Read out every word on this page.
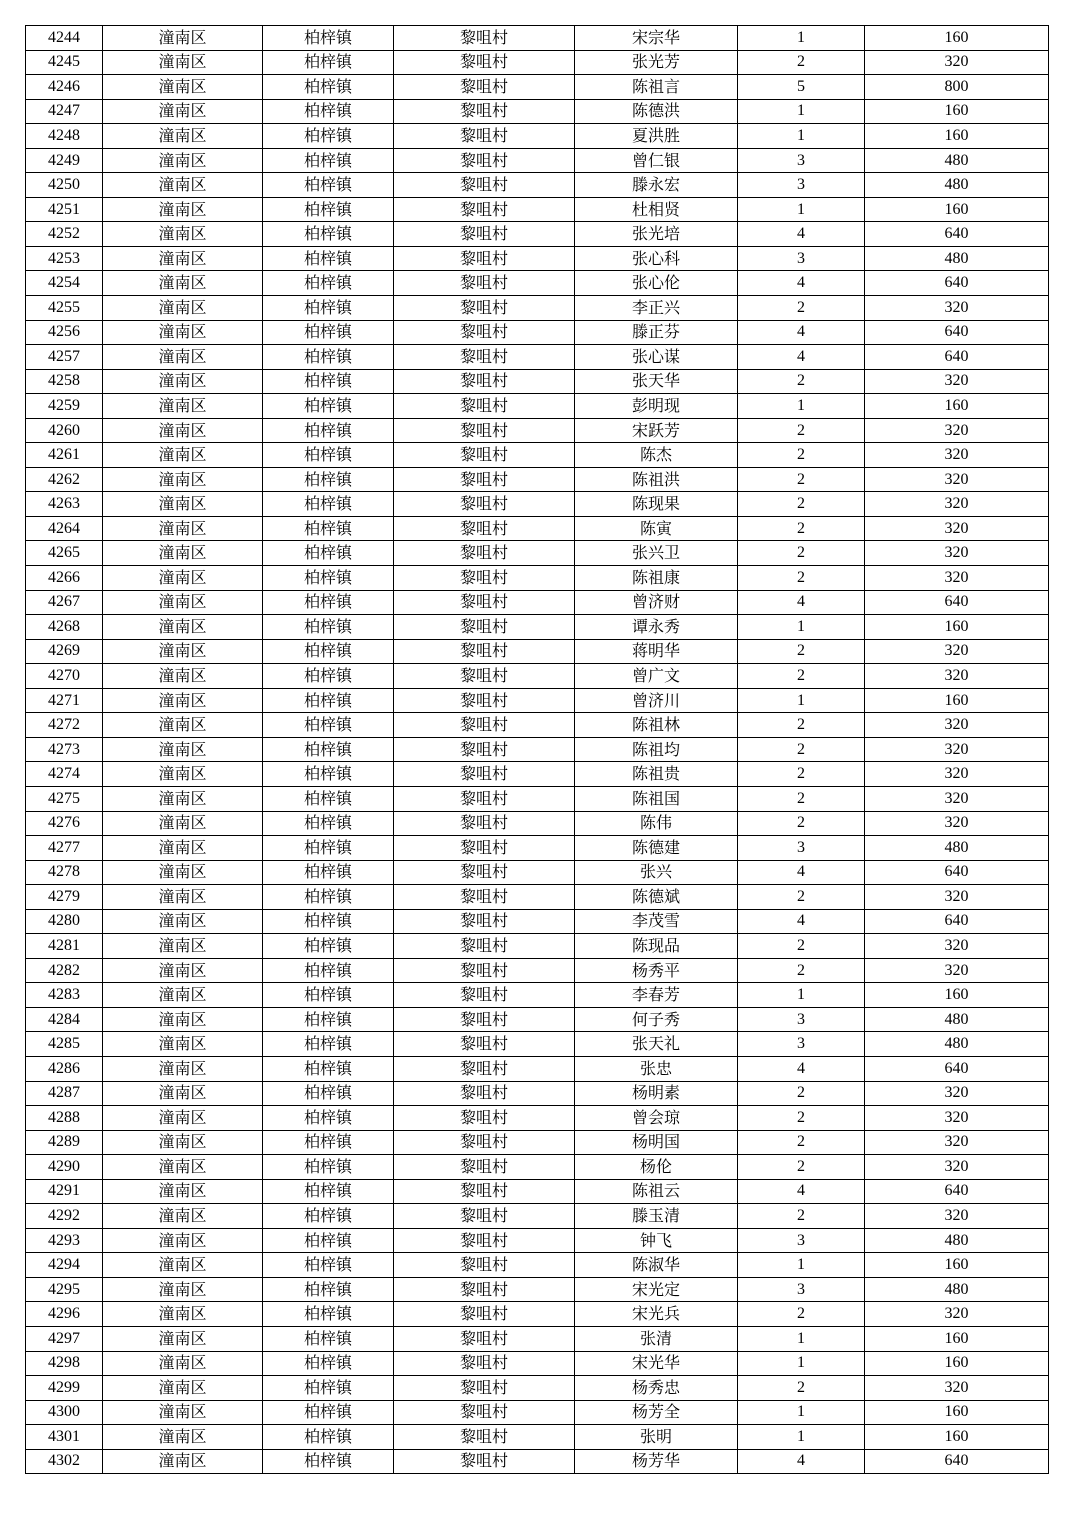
4244	潼南区	柏梓镇	黎咀村	宋宗华	1	160
4245	潼南区	柏梓镇	黎咀村	张光芳	2	320
4246	潼南区	柏梓镇	黎咀村	陈祖言	5	800
4247	潼南区	柏梓镇	黎咀村	陈德洪	1	160
4248	潼南区	柏梓镇	黎咀村	夏洪胜	1	160
4249	潼南区	柏梓镇	黎咀村	曾仁银	3	480
4250	潼南区	柏梓镇	黎咀村	滕永宏	3	480
4251	潼南区	柏梓镇	黎咀村	杜相贤	1	160
4252	潼南区	柏梓镇	黎咀村	张光培	4	640
4253	潼南区	柏梓镇	黎咀村	张心科	3	480
4254	潼南区	柏梓镇	黎咀村	张心伦	4	640
4255	潼南区	柏梓镇	黎咀村	李正兴	2	320
4256	潼南区	柏梓镇	黎咀村	滕正芬	4	640
4257	潼南区	柏梓镇	黎咀村	张心谋	4	640
4258	潼南区	柏梓镇	黎咀村	张天华	2	320
4259	潼南区	柏梓镇	黎咀村	彭明现	1	160
4260	潼南区	柏梓镇	黎咀村	宋跃芳	2	320
4261	潼南区	柏梓镇	黎咀村	陈杰	2	320
4262	潼南区	柏梓镇	黎咀村	陈祖洪	2	320
4263	潼南区	柏梓镇	黎咀村	陈现果	2	320
4264	潼南区	柏梓镇	黎咀村	陈寅	2	320
4265	潼南区	柏梓镇	黎咀村	张兴卫	2	320
4266	潼南区	柏梓镇	黎咀村	陈祖康	2	320
4267	潼南区	柏梓镇	黎咀村	曾济财	4	640
4268	潼南区	柏梓镇	黎咀村	谭永秀	1	160
4269	潼南区	柏梓镇	黎咀村	蒋明华	2	320
4270	潼南区	柏梓镇	黎咀村	曾广文	2	320
4271	潼南区	柏梓镇	黎咀村	曾济川	1	160
4272	潼南区	柏梓镇	黎咀村	陈祖林	2	320
4273	潼南区	柏梓镇	黎咀村	陈祖均	2	320
4274	潼南区	柏梓镇	黎咀村	陈祖贵	2	320
4275	潼南区	柏梓镇	黎咀村	陈祖国	2	320
4276	潼南区	柏梓镇	黎咀村	陈伟	2	320
4277	潼南区	柏梓镇	黎咀村	陈德建	3	480
4278	潼南区	柏梓镇	黎咀村	张兴	4	640
4279	潼南区	柏梓镇	黎咀村	陈德斌	2	320
4280	潼南区	柏梓镇	黎咀村	李茂雪	4	640
4281	潼南区	柏梓镇	黎咀村	陈现品	2	320
4282	潼南区	柏梓镇	黎咀村	杨秀平	2	320
4283	潼南区	柏梓镇	黎咀村	李春芳	1	160
4284	潼南区	柏梓镇	黎咀村	何子秀	3	480
4285	潼南区	柏梓镇	黎咀村	张天礼	3	480
4286	潼南区	柏梓镇	黎咀村	张忠	4	640
4287	潼南区	柏梓镇	黎咀村	杨明素	2	320
4288	潼南区	柏梓镇	黎咀村	曾会琼	2	320
4289	潼南区	柏梓镇	黎咀村	杨明国	2	320
4290	潼南区	柏梓镇	黎咀村	杨伦	2	320
4291	潼南区	柏梓镇	黎咀村	陈祖云	4	640
4292	潼南区	柏梓镇	黎咀村	滕玉清	2	320
4293	潼南区	柏梓镇	黎咀村	钟飞	3	480
4294	潼南区	柏梓镇	黎咀村	陈淑华	1	160
4295	潼南区	柏梓镇	黎咀村	宋光定	3	480
4296	潼南区	柏梓镇	黎咀村	宋光兵	2	320
4297	潼南区	柏梓镇	黎咀村	张清	1	160
4298	潼南区	柏梓镇	黎咀村	宋光华	1	160
4299	潼南区	柏梓镇	黎咀村	杨秀忠	2	320
4300	潼南区	柏梓镇	黎咀村	杨芳全	1	160
4301	潼南区	柏梓镇	黎咀村	张明	1	160
4302	潼南区	柏梓镇	黎咀村	杨芳华	4	640
